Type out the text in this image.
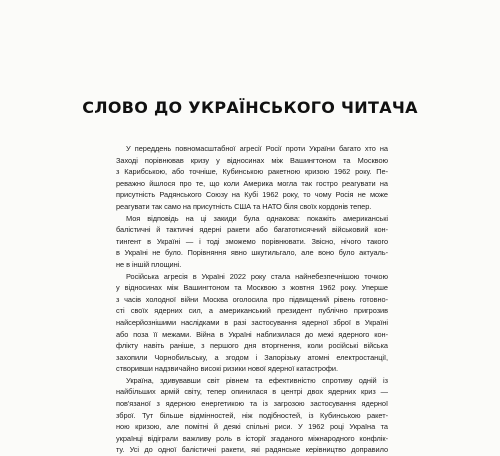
СЛОВО ДО УКРАЇНСЬКОГО ЧИТАЧА
У переддень повномасштабної агресії Росії проти України багато хто на
Заході порівнював кризу у відносинах між Вашингтоном та Москвою
з Карибською, або точніше, Кубинською ракетною кризою 1962 року. Пе-
реважно йшлося про те, що коли Америка могла так гостро реагувати на
присутність Радянського Союзу на Кубі 1962 року, то чому Росія не може
реагувати так само на присутність США та НАТО біля своїх кордонів тепер.
Моя відповідь на ці закиди була однакова: покажіть американські
балістичні й тактичні ядерні ракети або багатотисячний військовий кон-
тингент в Україні — і тоді зможемо порівнювати. Звісно, нічого такого
в Україні не було. Порівняння явно шкутильгало, але воно було актуаль-
не в іншій площині.
Російська агресія в Україні 2022 року стала найнебезпечнішою точкою
у відносинах між Вашингтоном та Москвою з жовтня 1962 року. Уперше
з часів холодної війни Москва оголосила про підвищений рівень готовно-
сті своїх ядерних сил, а американський президент публічно пригрозив
найсерйознішими наслідками в разі застосування ядерної зброї в Україні
або поза її межами. Війна в Україні наблизилася до межі ядерного кон-
флікту навіть раніше, з першого дня вторгнення, коли російські війська
захопили Чорнобильську, а згодом і Запорізьку атомні електростанції,
створивши надзвичайно високі ризики нової ядерної катастрофи.
Україна, здивувавши світ рівнем та ефективністю спротиву одній із
найбільших армій світу, тепер опинилася в центрі двох ядерних криз —
пов'язаної з ядерною енергетикою та із загрозою застосування ядерної
зброї. Тут більше відмінностей, ніж подібностей, із Кубинською ракет-
ною кризою, але помітні й деякі спільні риси. У 1962 році Україна та
українці відіграли важливу роль в історії згаданого міжнародного конфлік-
ту. Усі до одної балістичні ракети, які радянське керівництво доправило
